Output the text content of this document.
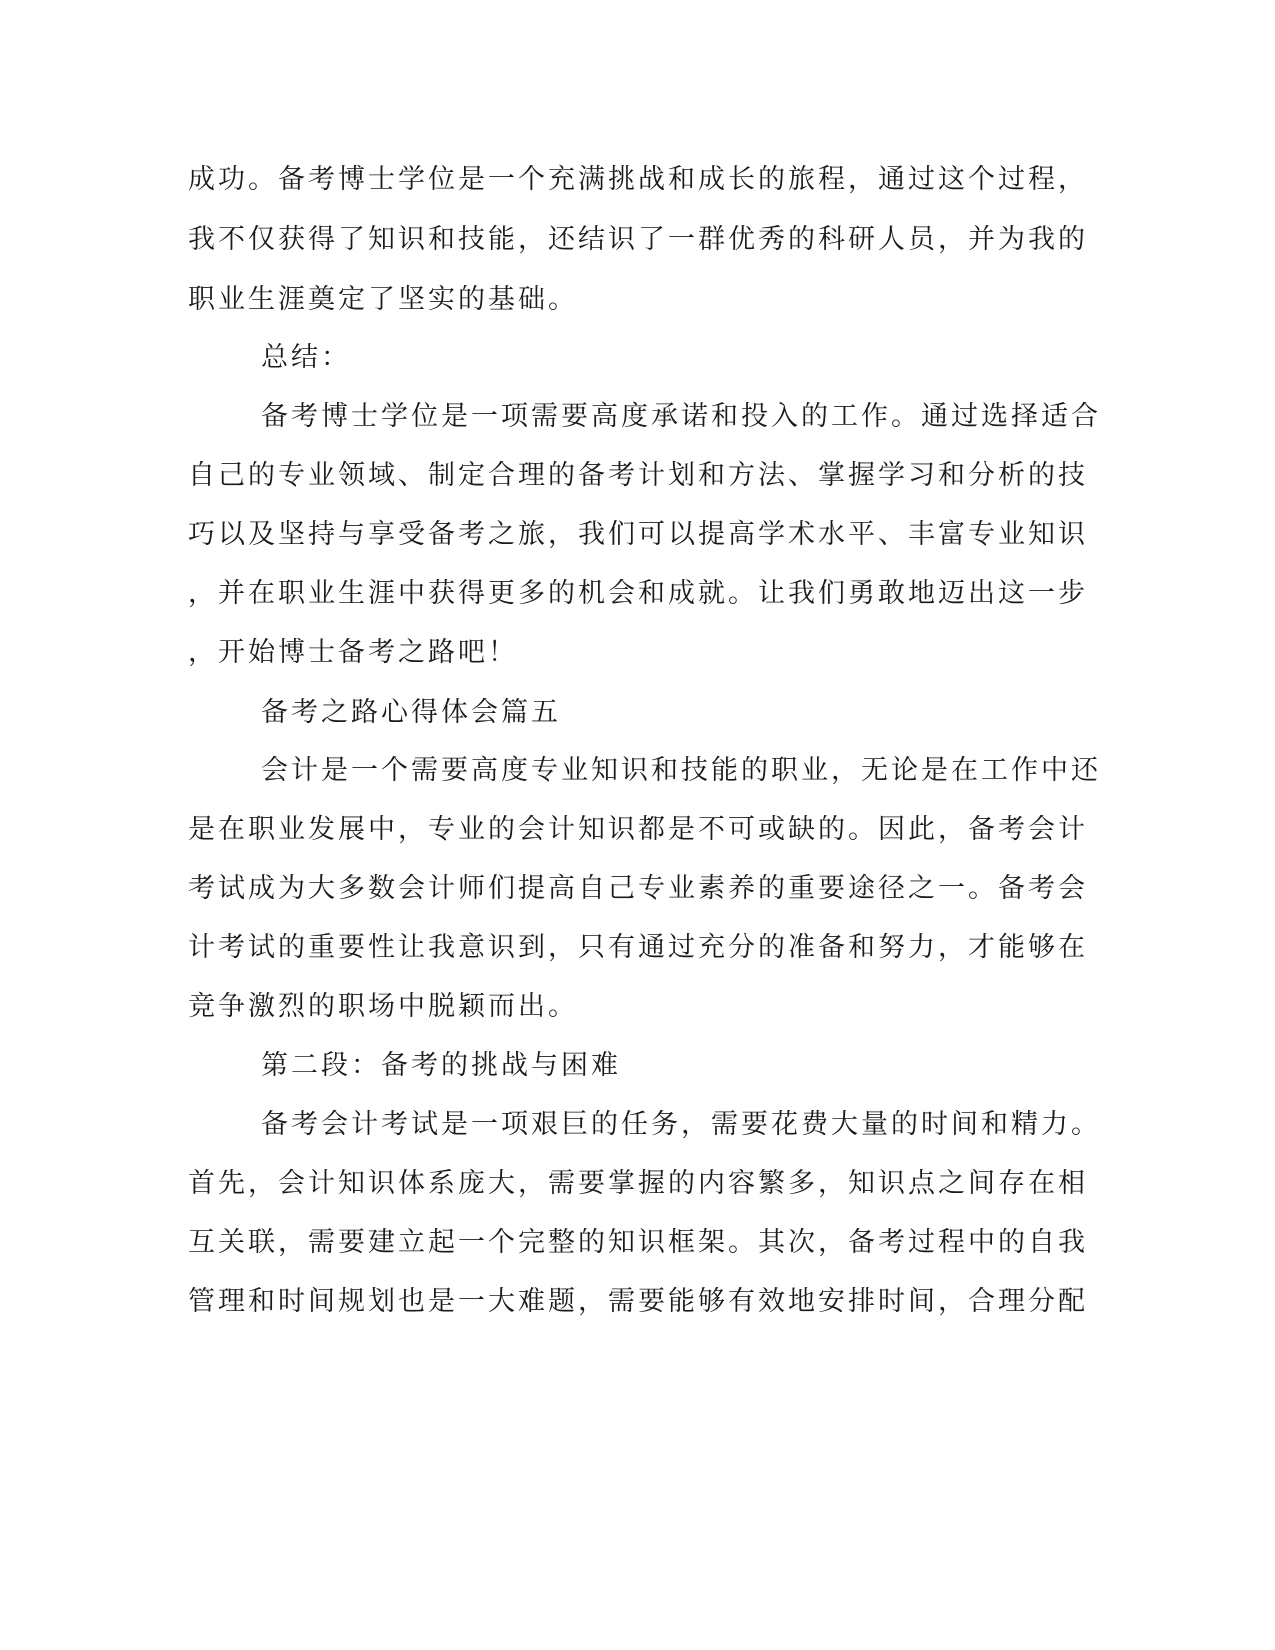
成功。备考博士学位是一个充满挑战和成长的旅程，通过这个过程，
我不仅获得了知识和技能，还结识了一群优秀的科研人员，并为我的
职业生涯奠定了坚实的基础。
总结：
备考博士学位是一项需要高度承诺和投入的工作。通过选择适合
自己的专业领域、制定合理的备考计划和方法、掌握学习和分析的技
巧以及坚持与享受备考之旅，我们可以提高学术水平、丰富专业知识
，并在职业生涯中获得更多的机会和成就。让我们勇敢地迈出这一步
，开始博士备考之路吧！
备考之路心得体会篇五
会计是一个需要高度专业知识和技能的职业，无论是在工作中还
是在职业发展中，专业的会计知识都是不可或缺的。因此，备考会计
考试成为大多数会计师们提高自己专业素养的重要途径之一。备考会
计考试的重要性让我意识到，只有通过充分的准备和努力，才能够在
竞争激烈的职场中脱颖而出。
第二段：备考的挑战与困难
备考会计考试是一项艰巨的任务，需要花费大量的时间和精力。
首先，会计知识体系庞大，需要掌握的内容繁多，知识点之间存在相
互关联，需要建立起一个完整的知识框架。其次，备考过程中的自我
管理和时间规划也是一大难题，需要能够有效地安排时间，合理分配
